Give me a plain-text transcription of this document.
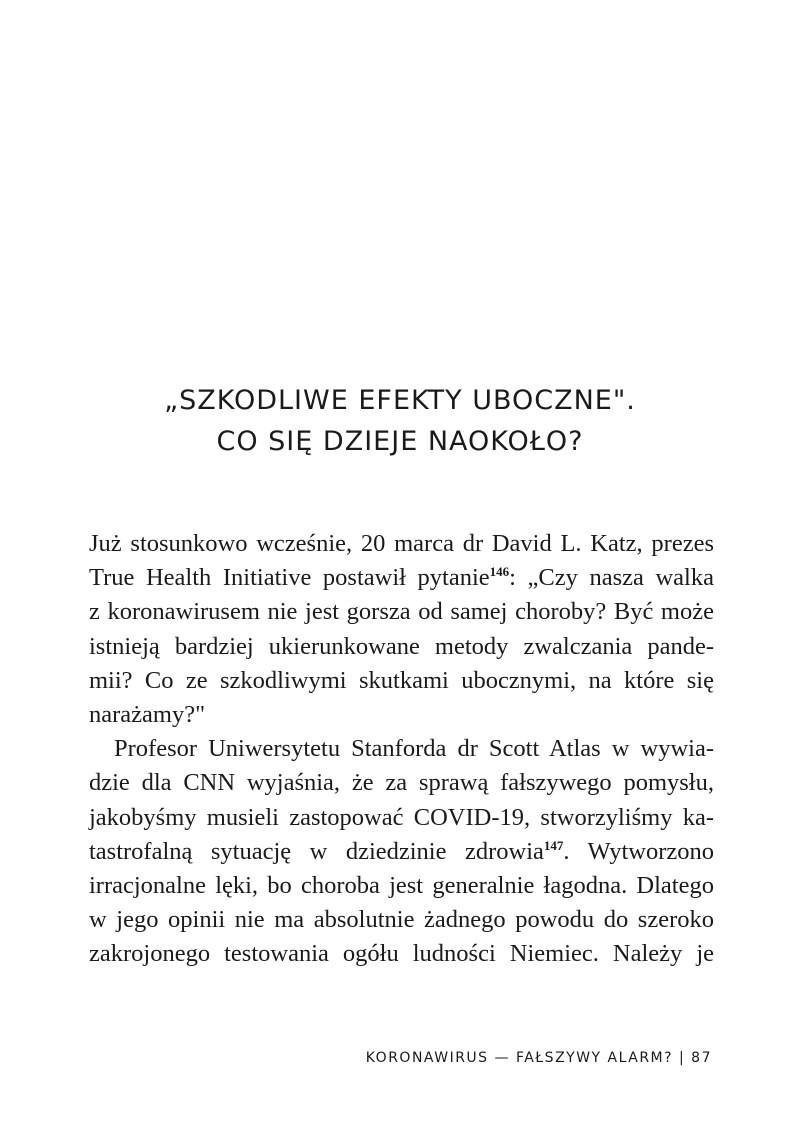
„SZKODLIWE EFEKTY UBOCZNE".
CO SIĘ DZIEJE NAOKOŁO?
Już stosunkowo wcześnie, 20 marca dr David L. Katz, prezes
True Health Initiative postawił pytanie$^{146}$: „Czy nasza walka
z koronawirusem nie jest gorsza od samej choroby? Być może
istnieją bardziej ukierunkowane metody zwalczania pande-
mii? Co ze szkodliwymi skutkami ubocznymi, na które się
narażamy?"
Profesor Uniwersytetu Stanforda dr Scott Atlas w wywia-
dzie dla CNN wyjaśnia, że za sprawą fałszywego pomysłu,
jakobyśmy musieli zastopować COVID-19, stworzyliśmy ka-
tastrofalną sytuację w dziedzinie zdrowia$^{147}$. Wytworzono
irracjonalne lęki, bo choroba jest generalnie łagodna. Dlatego
w jego opinii nie ma absolutnie żadnego powodu do szeroko
zakrojonego testowania ogółu ludności Niemiec. Należy je
KORONAWIRUS — FAŁSZYWY ALARM? | 87
